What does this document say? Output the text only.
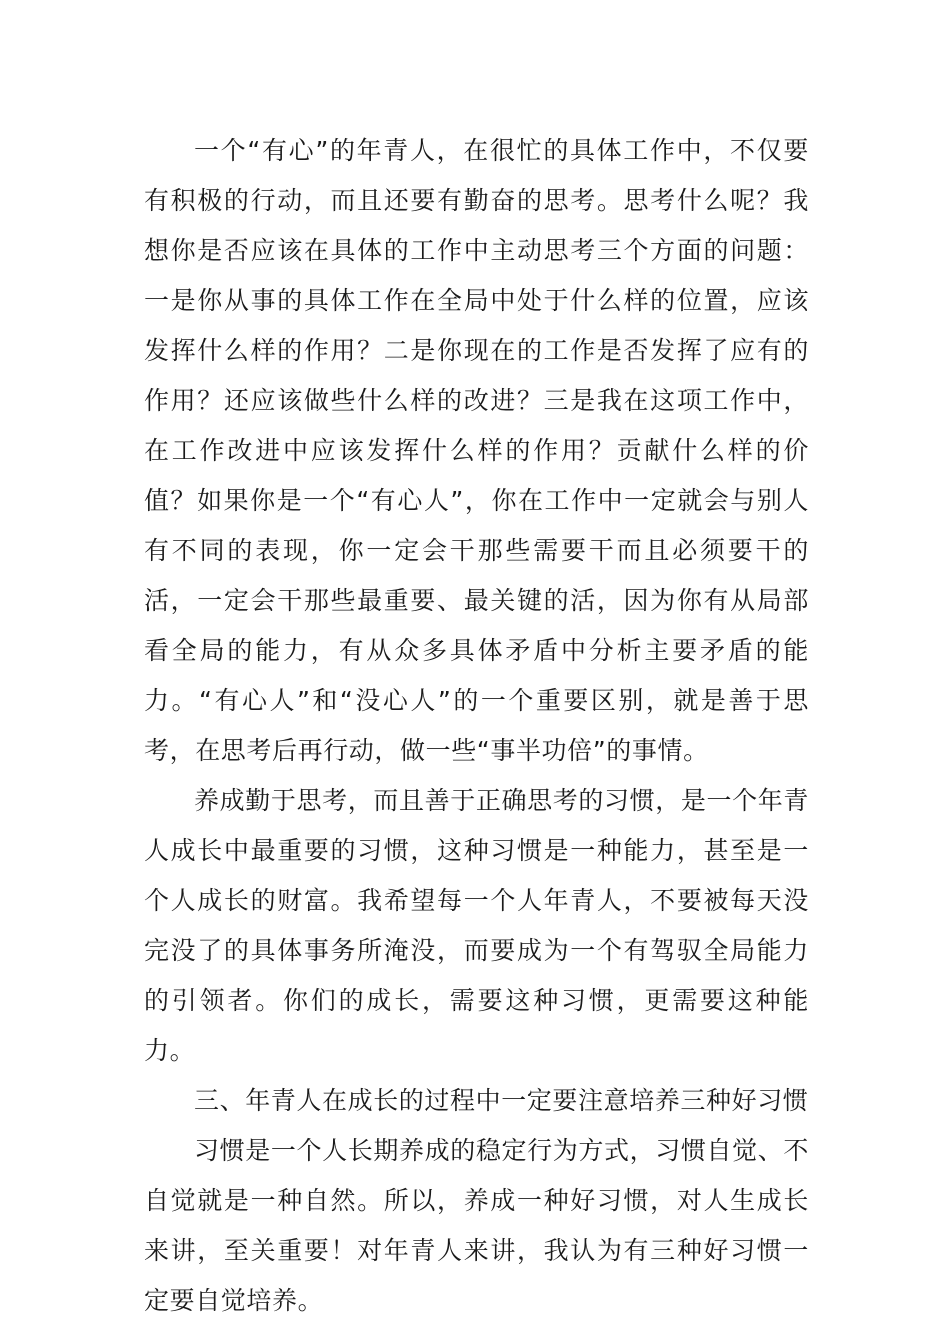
一个“有心”的年青人，在很忙的具体工作中，不仅要有积极的行动，而且还要有勤奋的思考。思考什么呢？我想你是否应该在具体的工作中主动思考三个方面的问题：一是你从事的具体工作在全局中处于什么样的位置，应该发挥什么样的作用？二是你现在的工作是否发挥了应有的作用？还应该做些什么样的改进？三是我在这项工作中，在工作改进中应该发挥什么样的作用？贡献什么样的价值？如果你是一个“有心人”，你在工作中一定就会与别人有不同的表现，你一定会干那些需要干而且必须要干的活，一定会干那些最重要、最关键的活，因为你有从局部看全局的能力，有从众多具体矛盾中分析主要矛盾的能力。“有心人”和“没心人”的一个重要区别，就是善于思考，在思考后再行动，做一些“事半功倍”的事情。

养成勤于思考，而且善于正确思考的习惯，是一个年青人成长中最重要的习惯，这种习惯是一种能力，甚至是一个人成长的财富。我希望每一个人年青人，不要被每天没完没了的具体事务所淹没，而要成为一个有驾驭全局能力的引领者。你们的成长，需要这种习惯，更需要这种能力。

三、年青人在成长的过程中一定要注意培养三种好习惯

习惯是一个人长期养成的稳定行为方式，习惯自觉、不自觉就是一种自然。所以，养成一种好习惯，对人生成长来讲，至关重要！对年青人来讲，我认为有三种好习惯一定要自觉培养。
